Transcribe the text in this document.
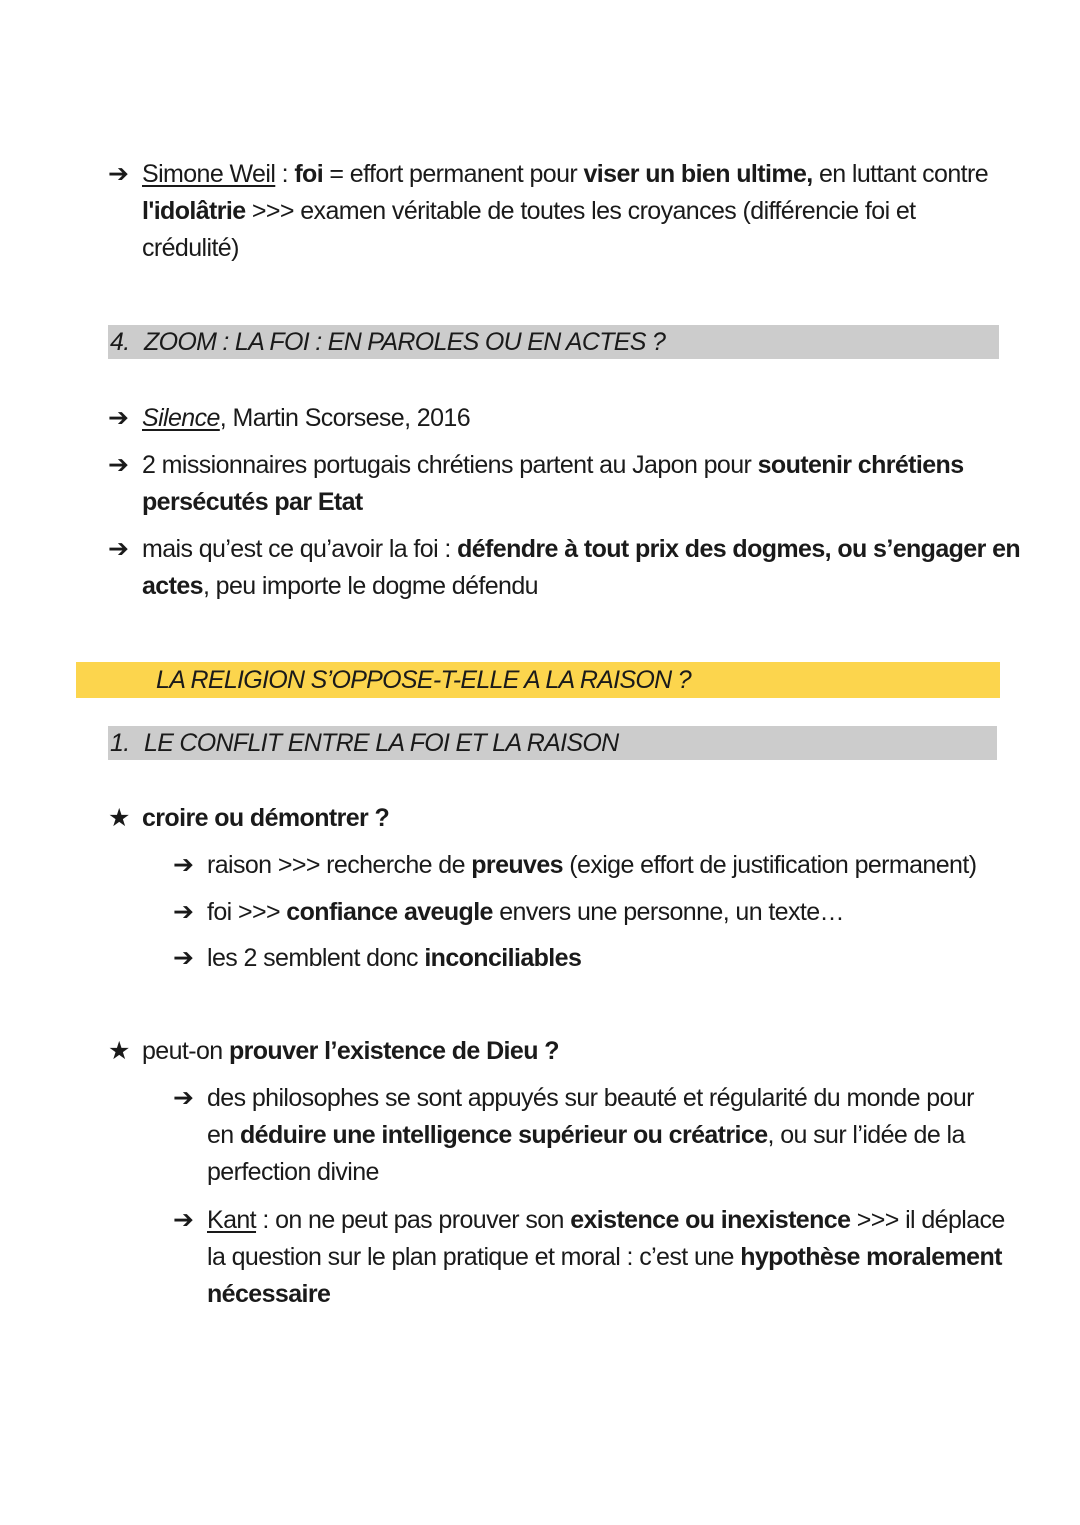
➔ Simone Weil : foi = effort permanent pour viser un bien ultime, en luttant contre
l'idolâtrie >>> examen véritable de toutes les croyances (différencie foi et
crédulité)
4. ZOOM : LA FOI : EN PAROLES OU EN ACTES ?
➔ Silence, Martin Scorsese, 2016
➔ 2 missionnaires portugais chrétiens partent au Japon pour soutenir chrétiens
persécutés par Etat
➔ mais qu’est ce qu’avoir la foi : défendre à tout prix des dogmes, ou s’engager en
actes, peu importe le dogme défendu
LA RELIGION S’OPPOSE-T-ELLE A LA RAISON ?
1. LE CONFLIT ENTRE LA FOI ET LA RAISON
★ croire ou démontrer ?
➔ raison >>> recherche de preuves (exige effort de justification permanent)
➔ foi >>> confiance aveugle envers une personne, un texte…
➔ les 2 semblent donc inconciliables
★ peut-on prouver l’existence de Dieu ?
➔ des philosophes se sont appuyés sur beauté et régularité du monde pour
en déduire une intelligence supérieur ou créatrice, ou sur l’idée de la
perfection divine
➔ Kant : on ne peut pas prouver son existence ou inexistence >>> il déplace
la question sur le plan pratique et moral : c’est une hypothèse moralement
nécessaire
